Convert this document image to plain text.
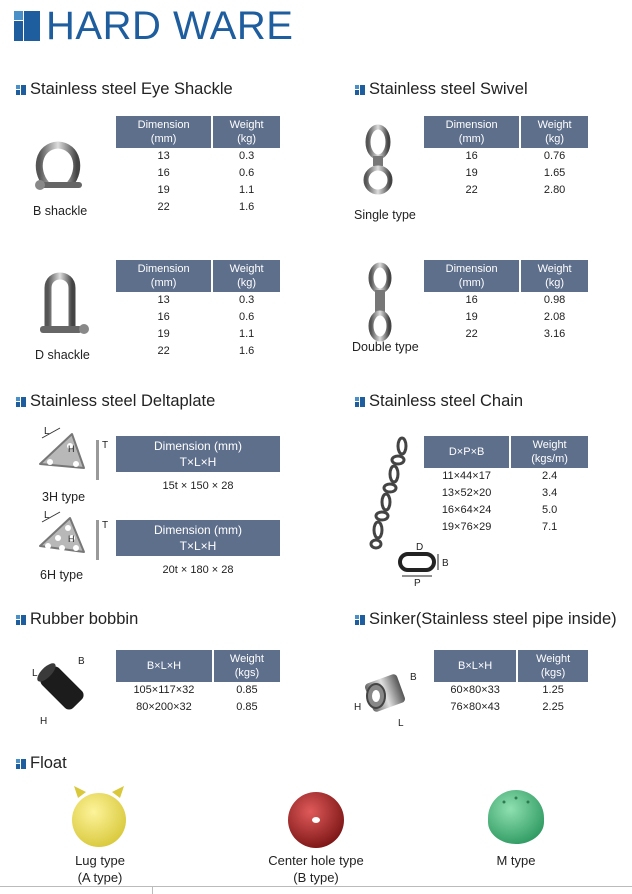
HARD WARE
Stainless steel Eye Shackle
B shackle
Dimension
(mm)	Weight
(kg)
13	0.3
16	0.6
19	1.1
22	1.6
D shackle
Dimension
(mm)	Weight
(kg)
13	0.3
16	0.6
19	1.1
22	1.6
Stainless steel Swivel
Single type
Dimension
(mm)	Weight
(kg)
16	0.76
19	1.65
22	2.80
Double type
Dimension
(mm)	Weight
(kg)
16	0.98
19	2.08
22	3.16
Stainless steel Deltaplate
L
H	T
3H type
Dimension (mm)
T×L×H
15t × 150 × 28
L
H
T
6H type
Dimension (mm)
T×L×H
20t × 180 × 28
Stainless steel Chain
D
B
P
D×P×B	Weight
(kgs/m)
11×44×17	2.4
13×52×20	3.4
16×64×24	5.0
19×76×29	7.1
Rubber bobbin
B
L
H
B×L×H	Weight
(kgs)
105×117×32	0.85
80×200×32	0.85
Sinker(Stainless steel pipe inside)
B
H
L
B×L×H	Weight
(kgs)
60×80×33	1.25
76×80×43	2.25
Float
Lug type
(A type)
Center hole type
(B type)
M type
